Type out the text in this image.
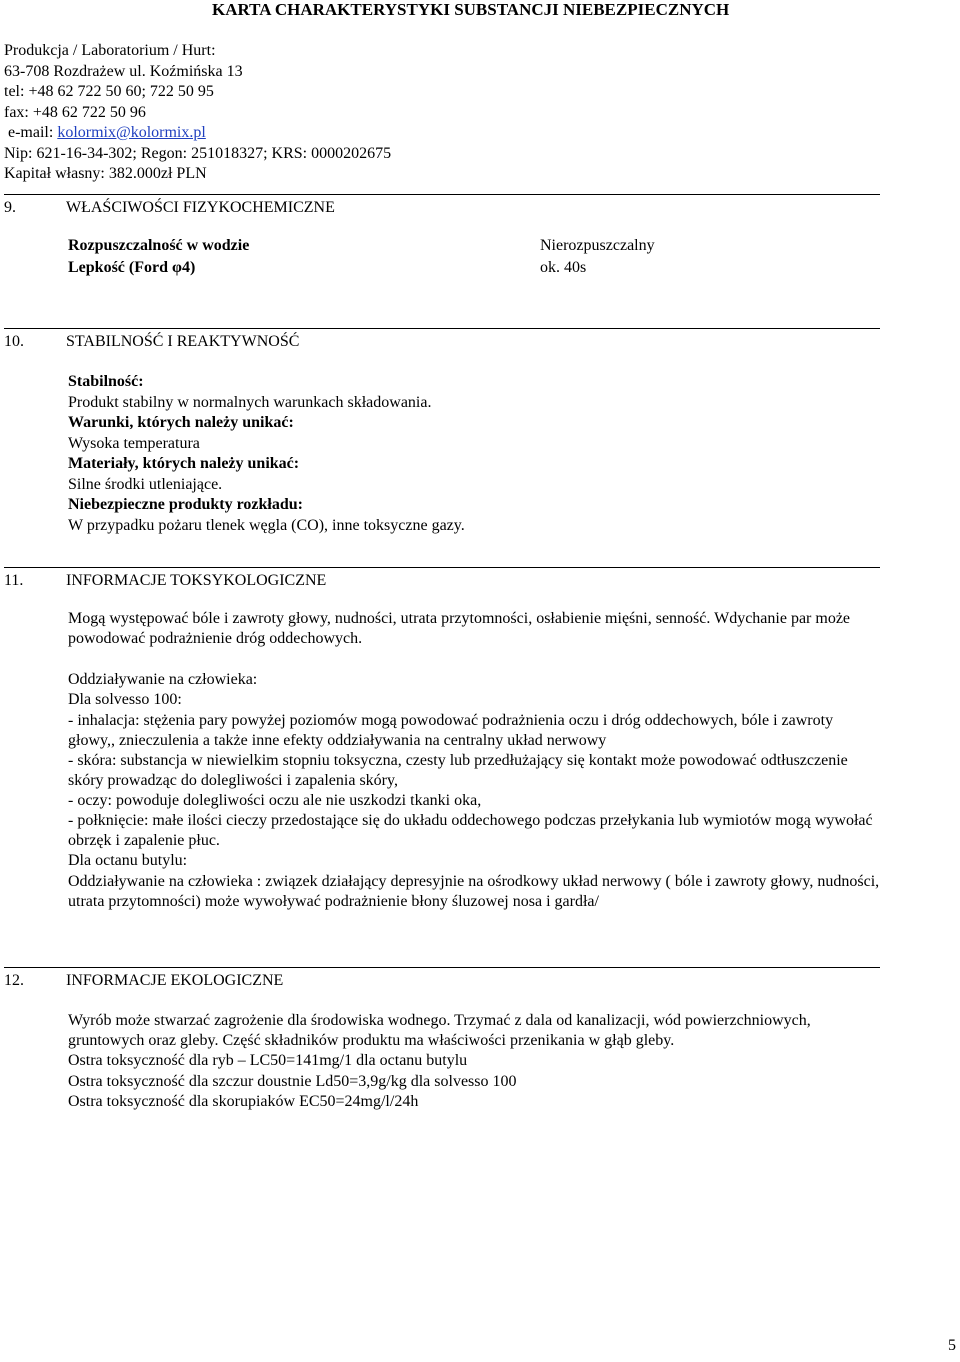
KARTA CHARAKTERYSTYKI SUBSTANCJI NIEBEZPIECZNYCH
Produkcja / Laboratorium / Hurt:
63-708 Rozdrażew ul. Koźmińska 13
tel: +48 62 722 50 60; 722 50 95
fax: +48 62 722 50 96
e-mail: kolormix@kolormix.pl
Nip: 621-16-34-302; Regon: 251018327; KRS: 0000202675
Kapitał własny: 382.000zł PLN
9.	WŁAŚCIWOŚCI FIZYKOCHEMICZNE
Rozpuszczalność w wodzie	Nierozpuszczalny
Lepkość (Ford φ4)	ok. 40s
10.	STABILNOŚĆ I REAKTYWNOŚĆ
Stabilność:
Produkt stabilny w normalnych warunkach składowania.
Warunki, których należy unikać:
Wysoka temperatura
Materiały, których należy unikać:
Silne środki utleniające.
Niebezpieczne produkty rozkładu:
W przypadku pożaru tlenek węgla (CO), inne toksyczne gazy.
11.	INFORMACJE TOKSYKOLOGICZNE
Mogą występować bóle i zawroty głowy, nudności, utrata przytomności, osłabienie mięśni, senność. Wdychanie par może powodować podrażnienie dróg oddechowych.
Oddziaływanie na człowieka:
Dla solvesso 100:
- inhalacja: stężenia pary powyżej poziomów mogą powodować podrażnienia oczu i dróg oddechowych, bóle i zawroty głowy,, znieczulenia a także inne efekty oddziaływania na centralny układ nerwowy
- skóra: substancja w niewielkim stopniu toksyczna, czesty lub przedłużający się kontakt może powodować odtłuszczenie skóry prowadząc do dolegliwości i zapalenia skóry,
- oczy: powoduje dolegliwości oczu ale nie uszkodzi tkanki oka,
- połknięcie: małe ilości cieczy przedostające się do układu oddechowego podczas przełykania lub wymiotów mogą wywołać obrzęk i zapalenie płuc.
Dla octanu butylu:
Oddziaływanie na człowieka : związek działający depresyjnie na ośrodkowy układ nerwowy ( bóle i zawroty głowy, nudności, utrata przytomności) może wywoływać podrażnienie błony śluzowej nosa i gardła/
12.	INFORMACJE EKOLOGICZNE
Wyrób może stwarzać zagrożenie dla środowiska wodnego. Trzymać z dala od kanalizacji, wód powierzchniowych, gruntowych oraz gleby. Część składników produktu ma właściwości przenikania w głąb gleby.
Ostra toksyczność dla ryb – LC50=141mg/1 dla octanu butylu
Ostra toksyczność dla szczur doustnie Ld50=3,9g/kg dla solvesso 100
Ostra toksyczność dla skorupiaków EC50=24mg/l/24h
5
